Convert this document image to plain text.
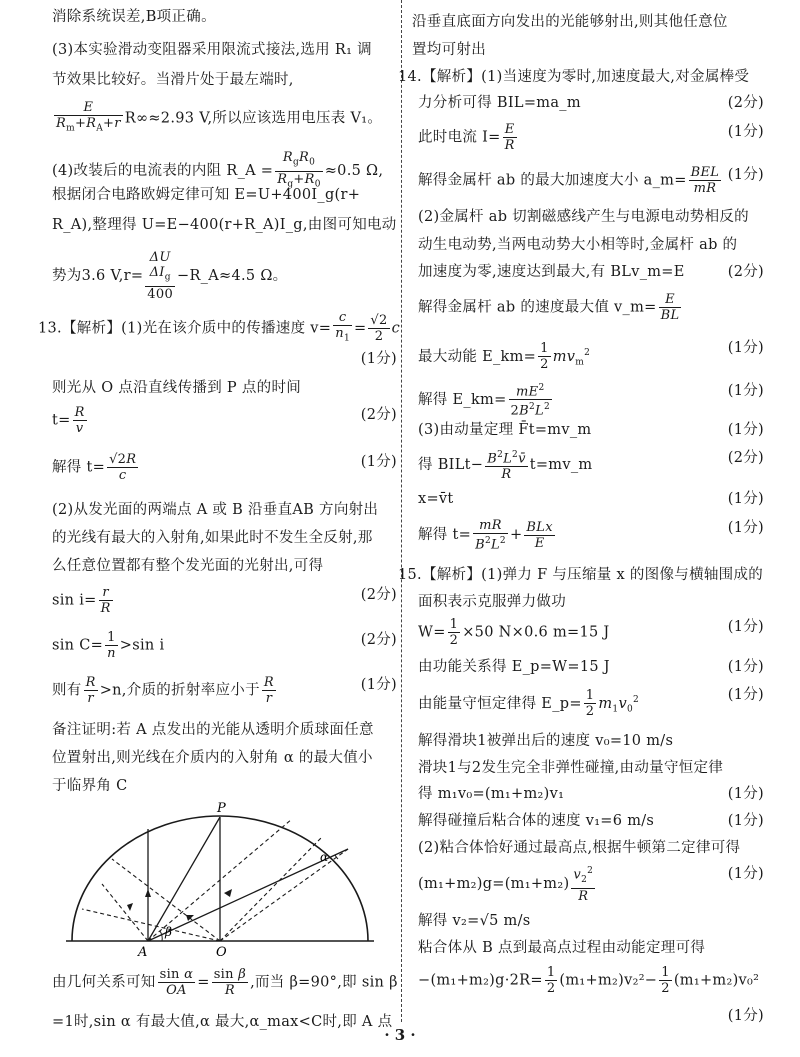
消除系统误差,B项正确。
(3)本实验滑动变阻器采用限流式接法,选用 R₁ 调
节效果比较好。当滑片处于最左端时,
$\frac{E}{R_m+R_A+r} R\infty\approx 2.93$ V,所以应该选用电压表 V₁。
(4)改装后的电流表的内阻 R_A = $\frac{R_gR_0}{R_g+R_0} \approx 0.5$ Ω,
根据闭合电路欧姆定律可知 E=U+400I_g(r+
R_A),整理得 U=E−400(r+R_A)I_g,由图可知电动
势为3.6 V,r=
ΔU
$\Delta I_g$
400
−R_A≈4.5 Ω。
13.【解析】(1)光在该介质中的传播速度 $v= \frac{c}{n_1} = \frac{√2}{2}$ c
(1分)
则光从 O 点沿直线传播到 P 点的时间
$t= \frac{R}{v}$	(2分)
解得 $t= \frac{√2R}{c}$	(1分)
(2)从发光面的两端点 A 或 B 沿垂直AB 方向射出
的光线有最大的入射角,如果此时不发生全反射,那
么任意位置都有整个发光面的光射出,可得
$\sin i= \frac{r}{R}$	(2分)
$\sin C= \frac{1}{n} >\sin$ i	(2分)
则有 $\frac{R}{r} >n$,介质的折射率应小于 $\frac{R}{r}$	(1分)
备注证明:若 A 点发出的光能从透明介质球面任意
位置射出,则光线在介质内的入射角 α 的最大值小
于临界角 C
P
A	O
α
β
由几何关系可知 $\frac{\text{sin α}}{OA} = \frac{\text{sin β}}{R}$ ,而当 β=90°,即 sin β
=1时,sin α 有最大值,α 最大,α_max<C时,即 A 点
沿垂直底面方向发出的光能够射出,则其他任意位
置均可射出
14.【解析】(1)当速度为零时,加速度最大,对金属棒受
力分析可得 BIL=ma_m	(2分)
此时电流 $I= \frac{E}{R}$	(1分)
解得金属杆 ab 的最大加速度大小 a_m= $\frac{\text{BEL}}{mR} (1$分)
(2)金属杆 ab 切割磁感线产生与电源电动势相反的
动生电动势,当两电动势大小相等时,金属杆 ab 的
加速度为零,速度达到最大,有 BLv_m=E	(2分)
解得金属杆 ab 的速度最大值 v_m= $\frac{E}{BL}$
最大动能 E_km= $\frac{1}{2} mv_m^2$	(1分)
解得 E_km= $\frac{mE^2}{2B^2L^2}$	(1分)
(3)由动量定理 F̄t=mv_m	(1分)
得 BILt− $\frac{B^2L^2v̄}{R}$ t=mv_m	(2分)
x=v̄t	(1分)
解得 $t= \frac{mR}{B^2L^2} + \frac{\text{BLx}}{E}$	(1分)
15.【解析】(1)弹力 F 与压缩量 x 的图像与横轴围成的
面积表示克服弹力做功
$W= \frac{1}{2} \times 50$ N×0.6 m=15 J	(1分)
由功能关系得 E_p=W=15 J	(1分)
由能量守恒定律得 E_p= $\frac{1}{2} m_1v_0^2$	(1分)
解得滑块1被弹出后的速度 v₀=10 m/s
滑块1与2发生完全非弹性碰撞,由动量守恒定律
得 m₁v₀=(m₁+m₂)v₁	(1分)
解得碰撞后粘合体的速度 v₁=6 m/s	(1分)
(2)粘合体恰好通过最高点,根据牛顿第二定律可得
$(m_1+m_2)g=(m_1+m_2) \frac{v_2^2}{R}$	(1分)
解得 v₂=√5 m/s
粘合体从 B 点到最高点过程由动能定理可得
$-(m_1+m_2)g\cdot 2R= \frac{1}{2} (m_1+m_2)v_2^2- \frac{1}{2} (m_1+m_2)v_0^2$
(1分)
· 3 ·
